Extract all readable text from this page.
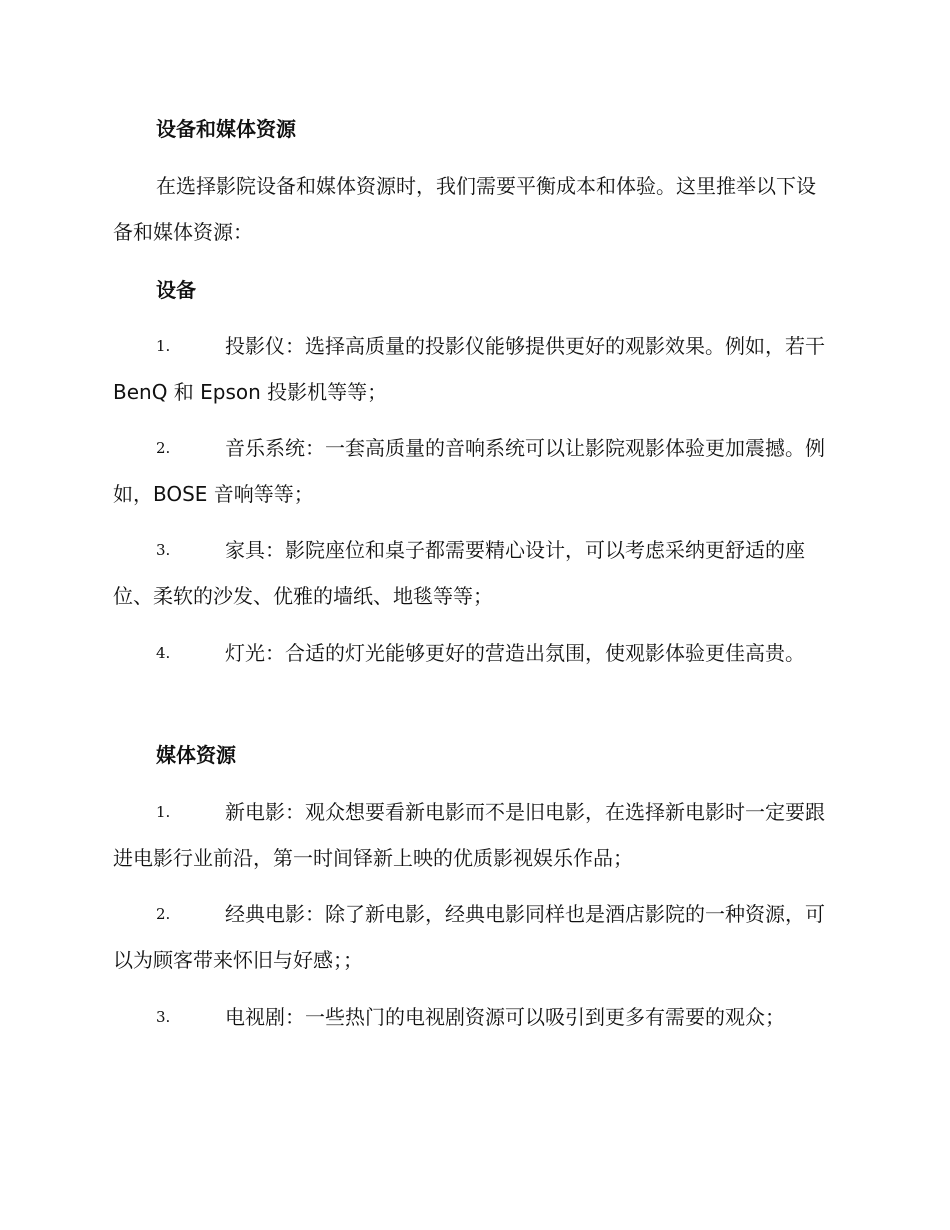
设备和媒体资源
在选择影院设备和媒体资源时，我们需要平衡成本和体验。这里推举以下设备和媒体资源：
设备
1.	投影仪：选择高质量的投影仪能够提供更好的观影效果。例如，若干 BenQ 和 Epson 投影机等等；
2.	音乐系统：一套高质量的音响系统可以让影院观影体验更加震撼。例如，BOSE 音响等等；
3.	家具：影院座位和桌子都需要精心设计，可以考虑采纳更舒适的座位、柔软的沙发、优雅的墙纸、地毯等等；
4.	灯光：合适的灯光能够更好的营造出氛围，使观影体验更佳高贵。
媒体资源
1.	新电影：观众想要看新电影而不是旧电影，在选择新电影时一定要跟进电影行业前沿，第一时间铎新上映的优质影视娱乐作品；
2.	经典电影：除了新电影，经典电影同样也是酒店影院的一种资源，可以为顾客带来怀旧与好感；；
3.	电视剧：一些热门的电视剧资源可以吸引到更多有需要的观众；
